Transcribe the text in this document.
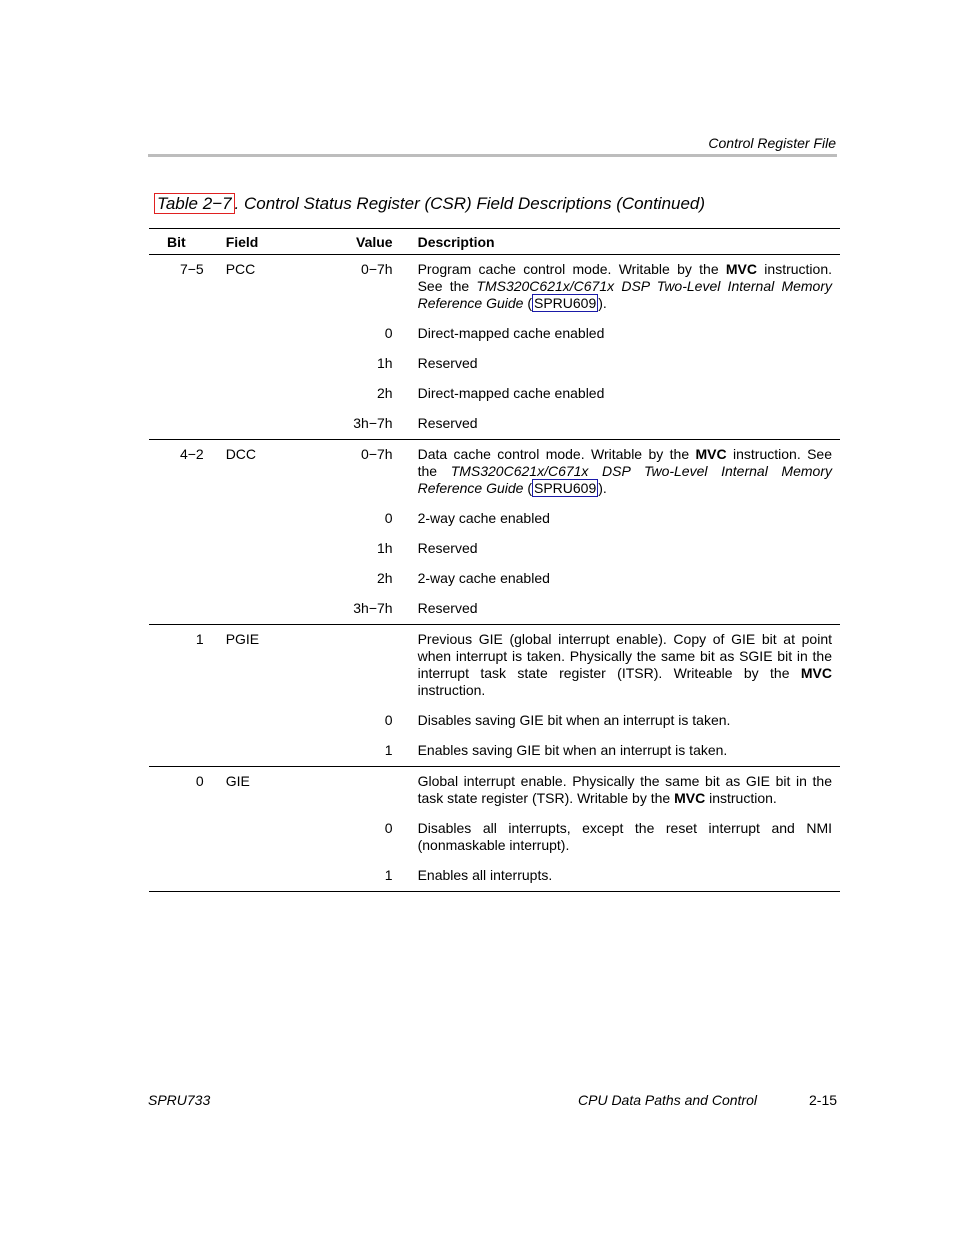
Control Register File
Table 2−7 . Control Status Register (CSR) Field Descriptions (Continued)
Bit	Field	Value	Description
7−5	PCC	0−7h	Program cache control mode. Writable by the MVC instruction. See the TMS320C621x/C671x DSP Two-Level Internal Memory Reference Guide ( SPRU609 ).
		0	Direct-mapped cache enabled
		1h	Reserved
		2h	Direct-mapped cache enabled
		3h−7h	Reserved
4−2	DCC	0−7h	Data cache control mode. Writable by the MVC instruction. See the TMS320C621x/C671x DSP Two-Level Internal Memory Reference Guide ( SPRU609 ).
		0	2-way cache enabled
		1h	Reserved
		2h	2-way cache enabled
		3h−7h	Reserved
1	PGIE		Previous GIE (global interrupt enable). Copy of GIE bit at point when interrupt is taken. Physically the same bit as SGIE bit in the interrupt task state register (ITSR). Writeable by the MVC instruction.
		0	Disables saving GIE bit when an interrupt is taken.
		1	Enables saving GIE bit when an interrupt is taken.
0	GIE		Global interrupt enable. Physically the same bit as GIE bit in the task state register (TSR). Writable by the MVC instruction.
		0	Disables all interrupts, except the reset interrupt and NMI (nonmaskable interrupt).
		1	Enables all interrupts.
SPRU733	CPU Data Paths and Control	2-15
